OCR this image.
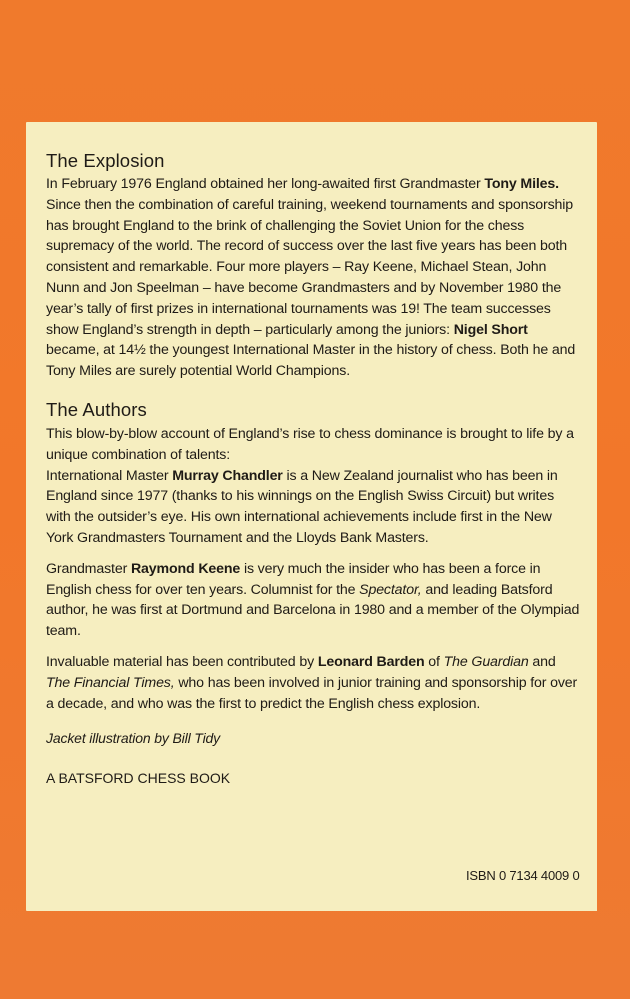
The Explosion

In February 1976 England obtained her long-awaited first Grandmaster Tony Miles. Since then the combination of careful training, weekend tournaments and sponsorship has brought England to the brink of challenging the Soviet Union for the chess supremacy of the world. The record of success over the last five years has been both consistent and remarkable. Four more players – Ray Keene, Michael Stean, John Nunn and Jon Speelman – have become Grandmasters and by November 1980 the year’s tally of first prizes in international tournaments was 19! The team successes show England’s strength in depth – particularly among the juniors: Nigel Short became, at 14½ the youngest International Master in the history of chess. Both he and Tony Miles are surely potential World Champions.

The Authors

This blow-by-blow account of England’s rise to chess dominance is brought to life by a unique combination of talents:

International Master Murray Chandler is a New Zealand journalist who has been in England since 1977 (thanks to his winnings on the English Swiss Circuit) but writes with the outsider’s eye. His own international achievements include first in the New York Grandmasters Tournament and the Lloyds Bank Masters.

Grandmaster Raymond Keene is very much the insider who has been a force in English chess for over ten years. Columnist for the Spectator, and leading Batsford author, he was first at Dortmund and Barcelona in 1980 and a member of the Olympiad team.

Invaluable material has been contributed by Leonard Barden of The Guardian and The Financial Times, who has been involved in junior training and sponsorship for over a decade, and who was the first to predict the English chess explosion.

Jacket illustration by Bill Tidy

A BATSFORD CHESS BOOK

ISBN 0 7134 4009 0
